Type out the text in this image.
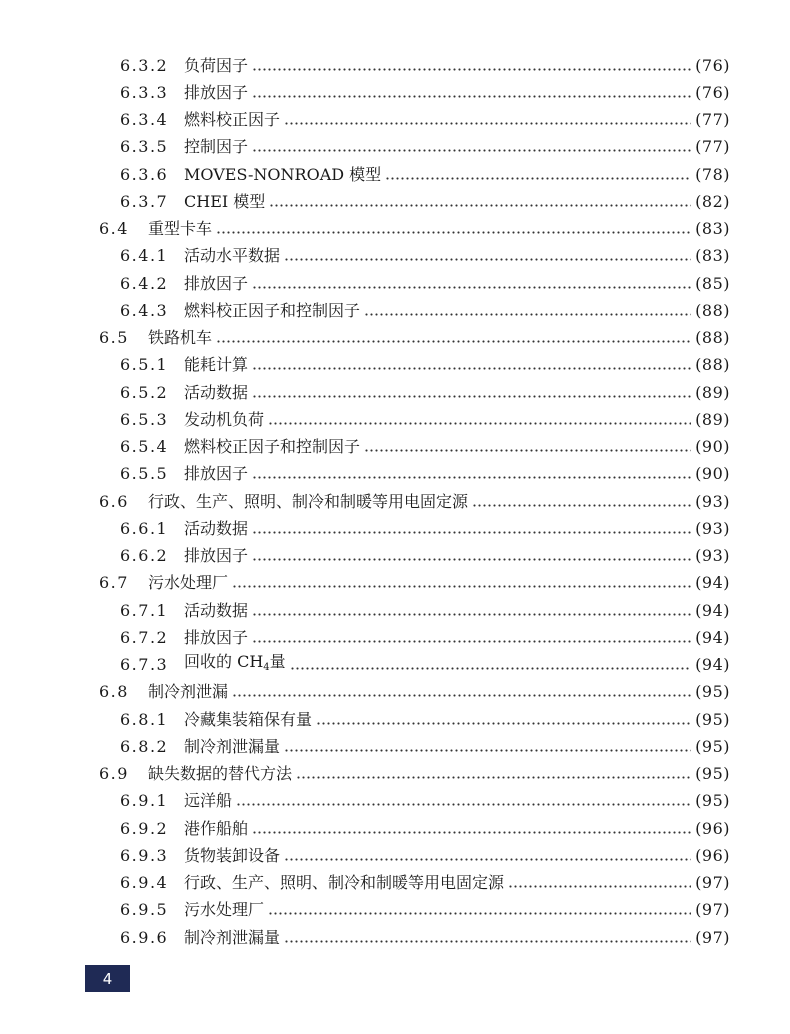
6.3.2 负荷因子	(76)
6.3.3 排放因子	(76)
6.3.4 燃料校正因子	(77)
6.3.5 控制因子	(77)
6.3.6 MOVES-NONROAD 模型	(78)
6.3.7 CHEI 模型	(82)
6.4	重型卡车	(83)
6.4.1 活动水平数据	(83)
6.4.2 排放因子	(85)
6.4.3 燃料校正因子和控制因子	(88)
6.5	铁路机车	(88)
6.5.1 能耗计算	(88)
6.5.2 活动数据	(89)
6.5.3 发动机负荷	(89)
6.5.4 燃料校正因子和控制因子	(90)
6.5.5 排放因子	(90)
6.6	行政、生产、照明、制冷和制暖等用电固定源	(93)
6.6.1 活动数据	(93)
6.6.2 排放因子	(93)
6.7	污水处理厂	(94)
6.7.1 活动数据	(94)
6.7.2 排放因子	(94)
6.7.3 回收的 $CH_4$量	(94)
6.8	制冷剂泄漏	(95)
6.8.1 冷藏集装箱保有量	(95)
6.8.2 制冷剂泄漏量	(95)
6.9	缺失数据的替代方法	(95)
6.9.1 远洋船	(95)
6.9.2 港作船舶	(96)
6.9.3 货物装卸设备	(96)
6.9.4 行政、生产、照明、制冷和制暖等用电固定源	(97)
6.9.5 污水处理厂	(97)
6.9.6 制冷剂泄漏量	(97)
4
